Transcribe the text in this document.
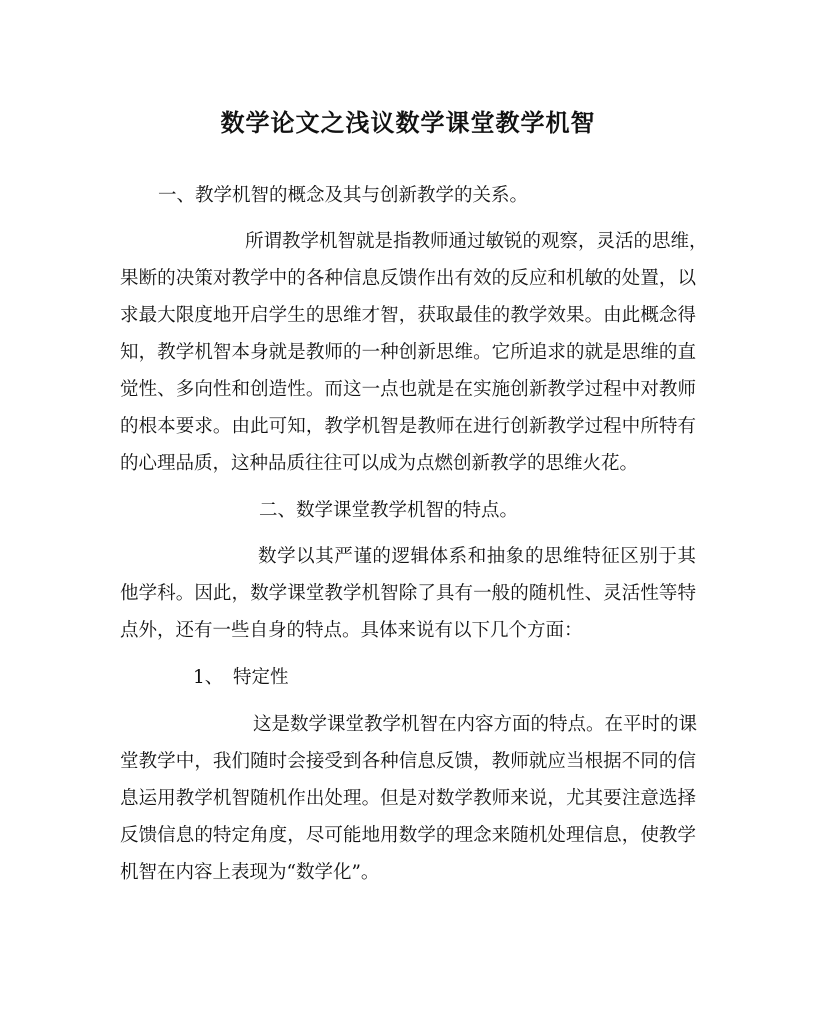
数学论文之浅议数学课堂教学机智
一、教学机智的概念及其与创新教学的关系。
所谓教学机智就是指教师通过敏锐的观察，灵活的思维，
果断的决策对教学中的各种信息反馈作出有效的反应和机敏的处置，以
求最大限度地开启学生的思维才智，获取最佳的教学效果。由此概念得
知，教学机智本身就是教师的一种创新思维。它所追求的就是思维的直
觉性、多向性和创造性。而这一点也就是在实施创新教学过程中对教师
的根本要求。由此可知，教学机智是教师在进行创新教学过程中所特有
的心理品质，这种品质往往可以成为点燃创新教学的思维火花。
二、数学课堂教学机智的特点。
数学以其严谨的逻辑体系和抽象的思维特征区别于其
他学科。因此，数学课堂教学机智除了具有一般的随机性、灵活性等特
点外，还有一些自身的特点。具体来说有以下几个方面：
1、 特定性
这是数学课堂教学机智在内容方面的特点。在平时的课
堂教学中，我们随时会接受到各种信息反馈，教师就应当根据不同的信
息运用教学机智随机作出处理。但是对数学教师来说，尤其要注意选择
反馈信息的特定角度，尽可能地用数学的理念来随机处理信息，使教学
机智在内容上表现为“数学化”。
